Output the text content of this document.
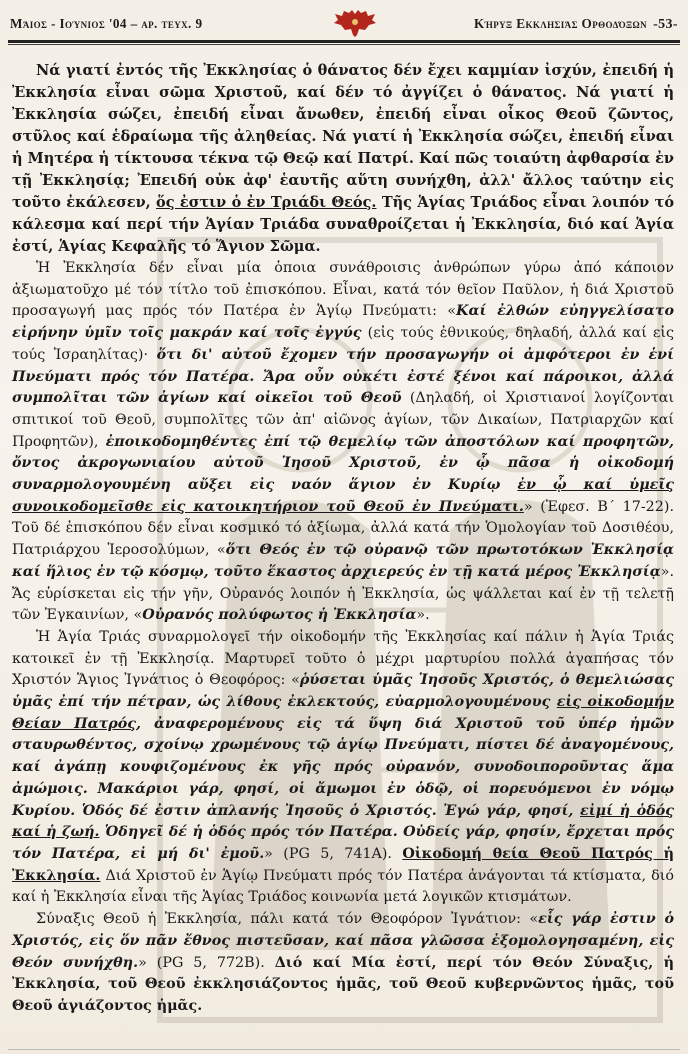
Μάιος - Ιούνιος '04 – αρ. τευχ. 9	Κήρυξ Εκκλησιάς Ορθοδόξων -53-

Νά γιατί ἐντός τῆς Ἐκκλησίας ὁ θάνατος δέν ἔχει καμμίαν ἰσχύν, ἐπειδή ἡ Ἐκκλησία εἶναι σῶμα Χριστοῦ, καί δέν τό ἀγγίζει ὁ θάνατος. Νά γιατί ἡ Ἐκκλησία σώζει, ἐπειδή εἶναι ἄνωθεν, ἐπειδή εἶναι οἶκος Θεοῦ ζῶντος, στῦλος καί ἑδραίωμα τῆς ἀληθείας. Νά γιατί ἡ Ἐκκλησία σώζει, ἐπειδή εἶναι ἡ Μητέρα ἡ τίκτουσα τέκνα τῷ Θεῷ καί Πατρί. Καί πῶς τοιαύτη ἀφθαρσία ἐν τῇ Ἐκκλησίᾳ; Ἐπειδή οὐκ ἀφ' ἑαυτῆς αὕτη συνήχθη, ἀλλ' ἄλλος ταύτην εἰς τοῦτο ἐκάλεσεν, ὅς ἐστιν ὁ ἐν Τριάδι Θεός. Τῆς Ἁγίας Τριάδος εἶναι λοιπόν τό κάλεσμα καί περί τήν Ἁγίαν Τριάδα συναθροίζεται ἡ Ἐκκλησία, διό καί Ἁγία ἐστί, Ἁγίας Κεφαλῆς τό Ἅγιον Σῶμα.

Ἡ Ἐκκλησία δέν εἶναι μία ὁποια συνάθροισις ἀνθρώπων γύρω ἀπό κάποιον ἀξιωματοῦχο μέ τόν τίτλο τοῦ ἐπισκόπου. Εἶναι, κατά τόν θεῖον Παῦλον, ἡ διά Χριστοῦ προσαγωγή μας πρός τόν Πατέρα ἐν Ἁγίῳ Πνεύματι: «Καί ἐλθών εὐηγγελίσατο εἰρήνην ὑμῖν τοῖς μακράν καί τοῖς ἐγγύς (εἰς τούς ἐθνικούς, δηλαδή, ἀλλά καί εἰς τούς Ἰσραηλίτας)· ὅτι δι' αὐτοῦ ἔχομεν τήν προσαγωγήν οἱ ἀμφότεροι ἐν ἑνί Πνεύματι πρός τόν Πατέρα. Ἄρα οὖν οὐκέτι ἐστέ ξένοι καί πάροικοι, ἀλλά συμπολῖται τῶν ἁγίων καί οἰκεῖοι τοῦ Θεοῦ (Δηλαδή, οἱ Χριστιανοί λογίζονται σπιτικοί τοῦ Θεοῦ, συμπολῖτες τῶν ἀπ' αἰῶνος ἁγίων, τῶν Δικαίων, Πατριαρχῶν καί Προφητῶν), ἐποικοδομηθέντες ἐπί τῷ θεμελίῳ τῶν ἀποστόλων καί προφητῶν, ὄντος ἀκρογωνιαίου αὐτοῦ Ἰησοῦ Χριστοῦ, ἐν ᾧ πᾶσα ἡ οἰκοδομή συναρμολογουμένη αὔξει εἰς ναόν ἅγιον ἐν Κυρίῳ ἐν ᾧ καί ὑμεῖς συνοικοδομεῖσθε εἰς κατοικητήριον τοῦ Θεοῦ ἐν Πνεύματι.» (Ἐφεσ. Β΄ 17-22). Τοῦ δέ ἐπισκόπου δέν εἶναι κοσμικό τό ἀξίωμα, ἀλλά κατά τήν Ὁμολογίαν τοῦ Δοσιθέου, Πατριάρχου Ἱεροσολύμων, «ὅτι Θεός ἐν τῷ οὐρανῷ τῶν πρωτοτόκων Ἐκκλησίᾳ καί ἥλιος ἐν τῷ κόσμῳ, τοῦτο ἕκαστος ἀρχιερεύς ἐν τῇ κατά μέρος Ἐκκλησίᾳ». Ἄς εὑρίσκεται εἰς τήν γῆν, Οὐρανός λοιπόν ἡ Ἐκκλησία, ὡς ψάλλεται καί ἐν τῇ τελετῇ τῶν Ἐγκαινίων, «Οὐρανός πολύφωτος ἡ Ἐκκλησία».

Ἡ Ἁγία Τριάς συναρμολογεῖ τήν οἰκοδομήν τῆς Ἐκκλησίας καί πάλιν ἡ Ἁγία Τριάς κατοικεῖ ἐν τῇ Ἐκκλησίᾳ. Μαρτυρεῖ τοῦτο ὁ μέχρι μαρτυρίου πολλά ἀγαπήσας τόν Χριστόν Ἅγιος Ἰγνάτιος ὁ Θεοφόρος: «ῥύσεται ὑμᾶς Ἰησοῦς Χριστός, ὁ θεμελιώσας ὑμᾶς ἐπί τήν πέτραν, ὡς λίθους ἐκλεκτούς, εὐαρμολογουμένους εἰς οἰκοδομήν Θείαν Πατρός, ἀναφερομένους εἰς τά ὕψη διά Χριστοῦ τοῦ ὑπέρ ἡμῶν σταυρωθέντος, σχοίνῳ χρωμένους τῷ ἁγίῳ Πνεύματι, πίστει δέ ἀναγομένους, καί ἀγάπῃ κουφιζομένους ἐκ γῆς πρός οὐρανόν, συνοδοιποροῦντας ἅμα ἀμώμοις. Μακάριοι γάρ, φησί, οἱ ἄμωμοι ἐν ὁδῷ, οἱ πορευόμενοι ἐν νόμῳ Κυρίου. Ὁδός δέ ἐστιν ἀπλανής Ἰησοῦς ὁ Χριστός. Ἐγώ γάρ, φησί, εἰμί ἡ ὁδός καί ἡ ζωή. Ὁδηγεῖ δέ ἡ ὁδός πρός τόν Πατέρα. Οὐδείς γάρ, φησίν, ἔρχεται πρός τόν Πατέρα, εἰ μή δι' ἐμοῦ.» (PG 5, 741A). Οἰκοδομή θεία Θεοῦ Πατρός ἡ Ἐκκλησία. Διά Χριστοῦ ἐν Ἁγίῳ Πνεύματι πρός τόν Πατέρα ἀνάγονται τά κτίσματα, διό καί ἡ Ἐκκλησία εἶναι τῆς Ἁγίας Τριάδος κοινωνία μετά λογικῶν κτισμάτων.

Σύναξις Θεοῦ ἡ Ἐκκλησία, πάλι κατά τόν Θεοφόρον Ἰγνάτιον: «εἷς γάρ ἐστιν ὁ Χριστός, εἰς ὅν πᾶν ἔθνος πιστεῦσαν, καί πᾶσα γλῶσσα ἐξομολογησαμένη, εἰς Θεόν συνήχθη.» (PG 5, 772B). Διό καί Μία ἐστί, περί τόν Θεόν Σύναξις, ἡ Ἐκκλησία, τοῦ Θεοῦ ἐκκλησιάζοντος ἡμᾶς, τοῦ Θεοῦ κυβερνῶντος ἡμᾶς, τοῦ Θεοῦ ἁγιάζοντος ἡμᾶς.
